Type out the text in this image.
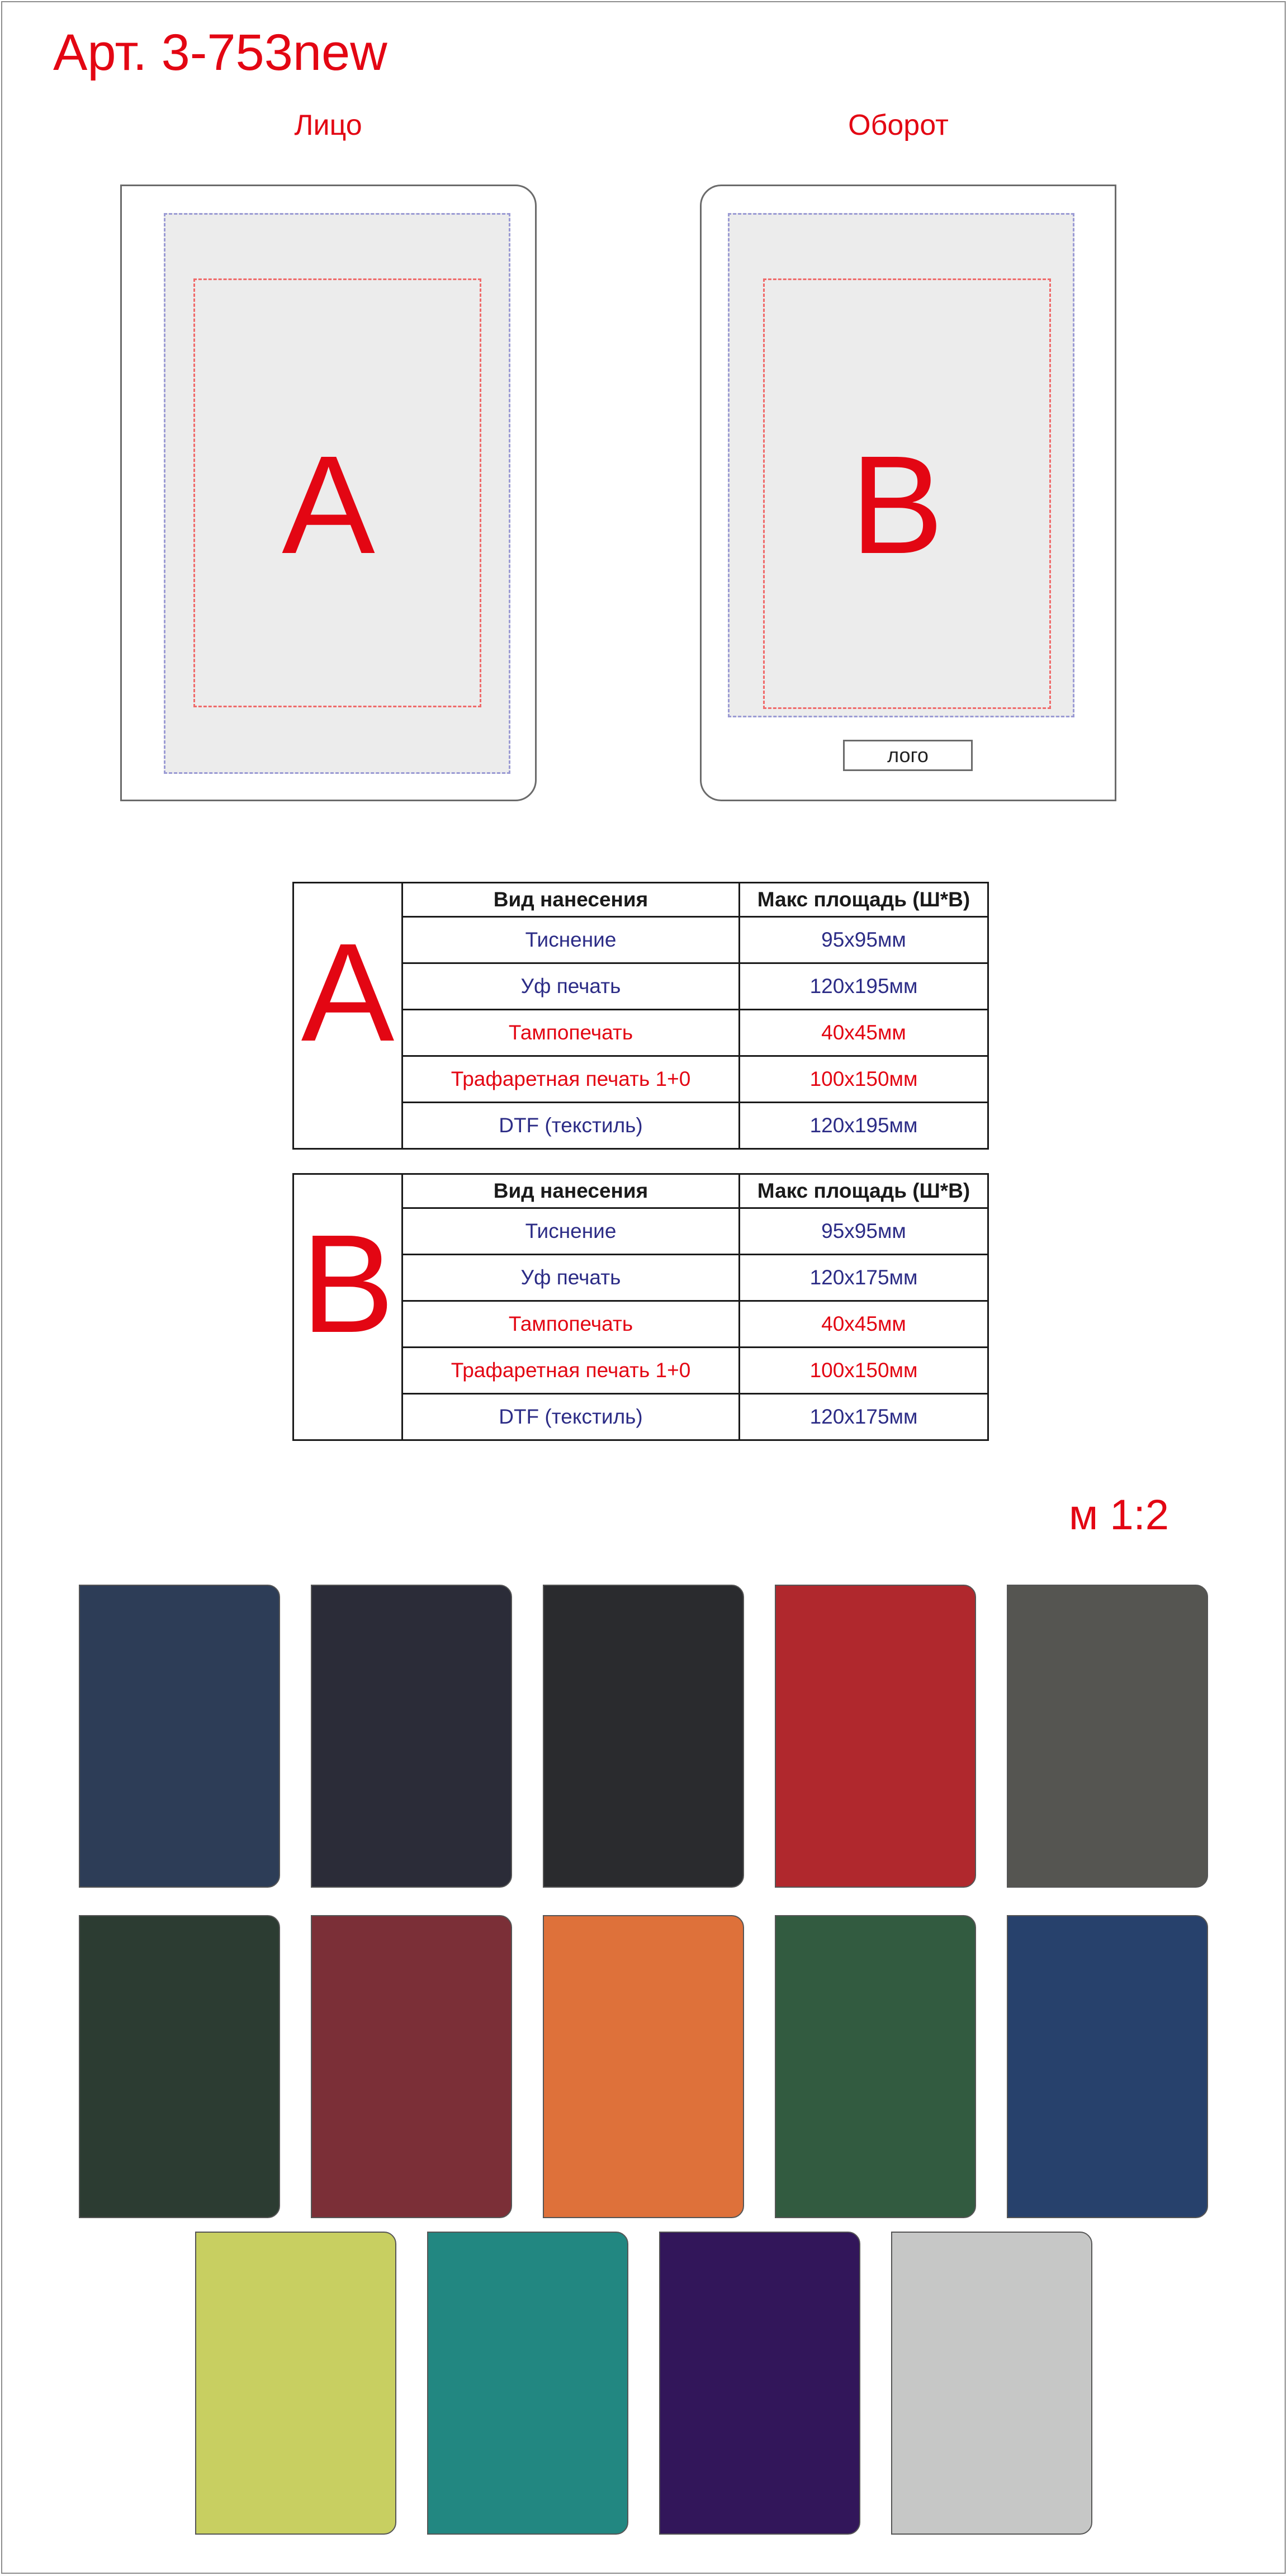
Арт. 3-753new
Лицо	Оборот
A	B
лого
A	Вид нанесения	Макс площадь (Ш*В)
	Тиснение	95x95мм
	Уф печать	120x195мм
	Тампопечать	40x45мм
	Трафаретная печать 1+0	100x150мм
	DTF (текстиль)	120x195мм
B	Вид нанесения	Макс площадь (Ш*В)
	Тиснение	95x95мм
	Уф печать	120x175мм
	Тампопечать	40x45мм
	Трафаретная печать 1+0	100x150мм
	DTF (текстиль)	120x175мм
м 1:2
